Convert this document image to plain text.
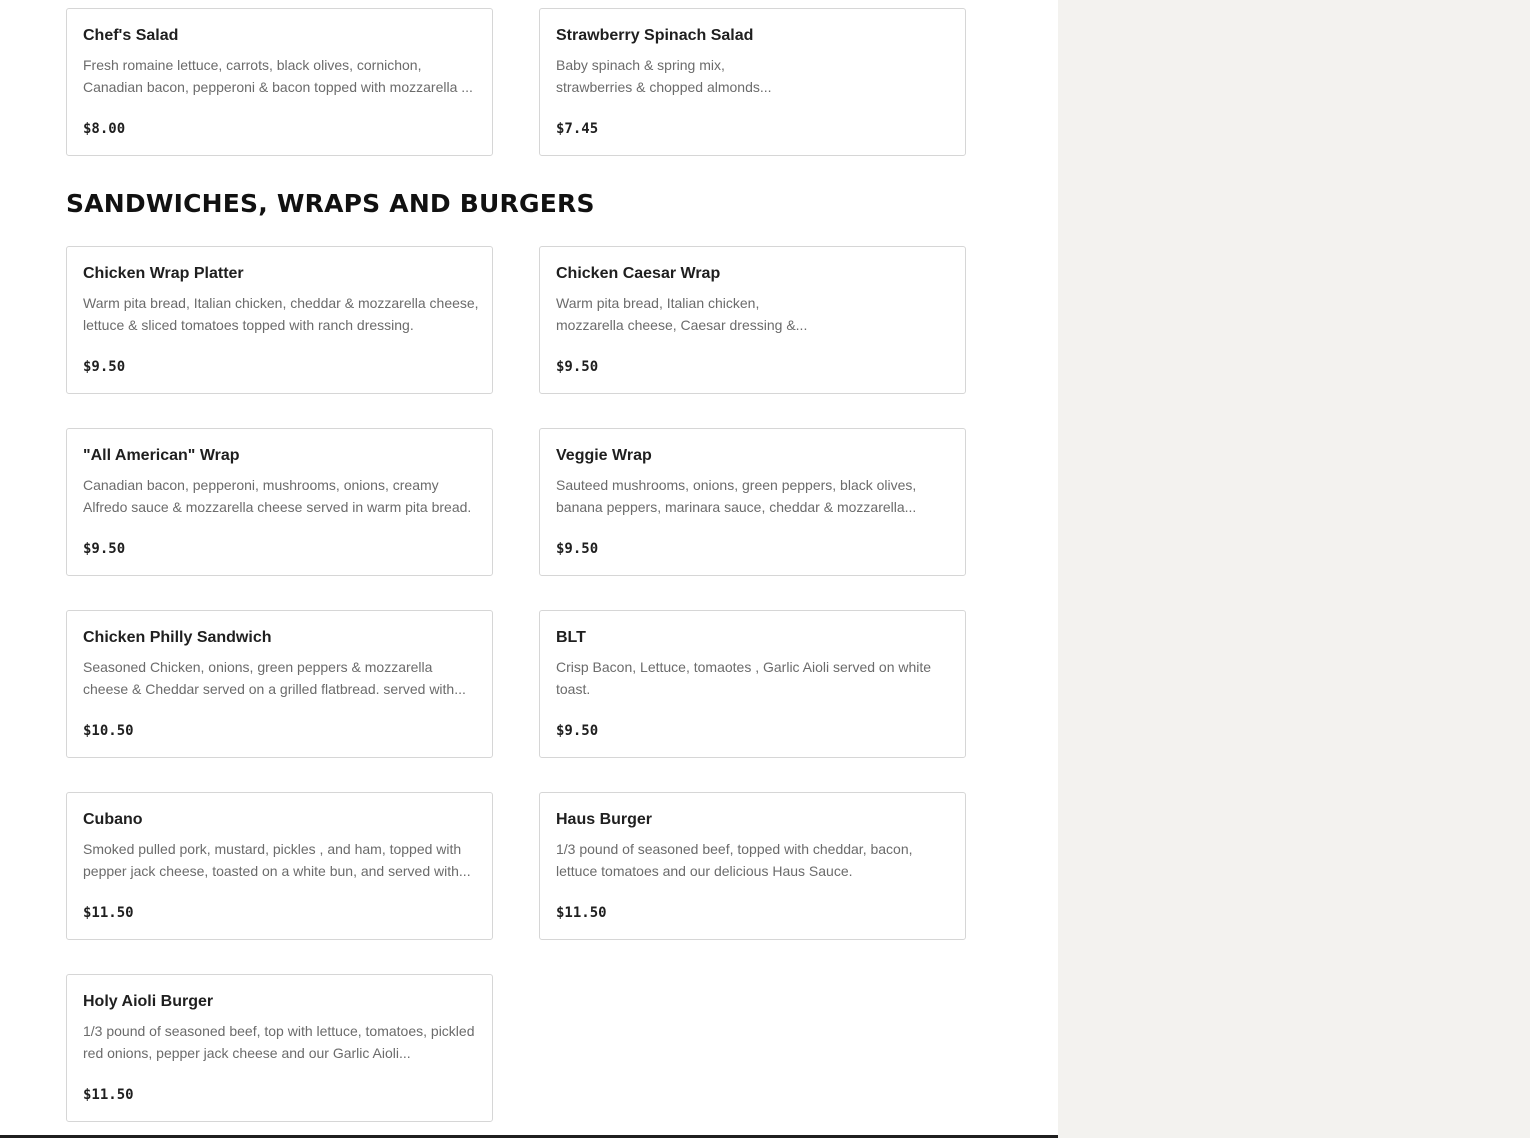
Chef's Salad
Fresh romaine lettuce, carrots, black olives, cornichon, Canadian bacon, pepperoni & bacon topped with mozzarella ...
$8.00
Strawberry Spinach Salad
Baby spinach & spring mix, strawberries & chopped almonds...
$7.45
SANDWICHES, WRAPS AND BURGERS
Chicken Wrap Platter
Warm pita bread, Italian chicken, cheddar & mozzarella cheese, lettuce & sliced tomatoes topped with ranch dressing.
$9.50
Chicken Caesar Wrap
Warm pita bread, Italian chicken, mozzarella cheese, Caesar dressing &...
$9.50
"All American" Wrap
Canadian bacon, pepperoni, mushrooms, onions, creamy Alfredo sauce & mozzarella cheese served in warm pita bread.
$9.50
Veggie Wrap
Sauteed mushrooms, onions, green peppers, black olives, banana peppers, marinara sauce, cheddar & mozzarella...
$9.50
Chicken Philly Sandwich
Seasoned Chicken, onions, green peppers & mozzarella cheese & Cheddar served on a grilled flatbread. served with...
$10.50
BLT
Crisp Bacon, Lettuce, tomaotes , Garlic Aioli served on white toast.
$9.50
Cubano
Smoked pulled pork, mustard, pickles , and ham, topped with pepper jack cheese, toasted on a white bun, and served with...
$11.50
Haus Burger
1/3 pound of seasoned beef, topped with cheddar, bacon, lettuce tomatoes and our delicious Haus Sauce.
$11.50
Holy Aioli Burger
1/3 pound of seasoned beef, top with lettuce, tomatoes, pickled red onions, pepper jack cheese and our Garlic Aioli...
$11.50
